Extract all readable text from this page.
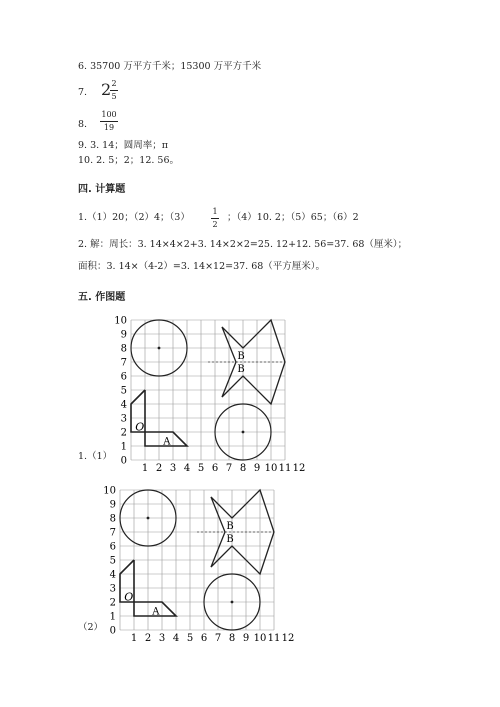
6. 35700 万平方千米；15300 万平方千米
7. 2 2
5
8.
100
19
9. 3. 14；圆周率；π
10. 2. 5；2；12. 56。
四. 计算题
1.（1）20；（2）4；（3）
1
2
；（4）10. 2；（5）65；（6）2
2. 解：周长：3. 14×4×2+3. 14×2×2=25. 12+12. 56=37. 68（厘米）；
面积：3. 14×（4-2）=3. 14×12=37. 68（平方厘米）。
五. 作图题
1.（1）
（2）
0
1
2
3
4
5
6
7
8
9
10
1 2 3 4 5 6 7 8 9 10 11 12
O
A
B
B
0
1
2
3
4
5
6
7
8
9
10
1 2 3 4 5 6 7 8 9 10 11 12
O
A
B
B
